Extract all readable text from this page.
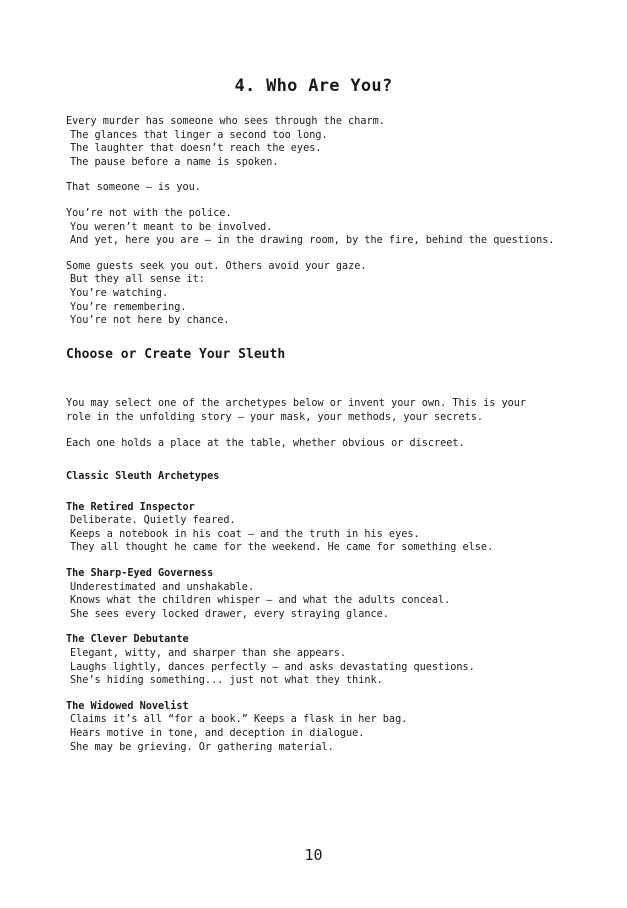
4. Who Are You?
Every murder has someone who sees through the charm.
The glances that linger a second too long.
The laughter that doesn’t reach the eyes.
The pause before a name is spoken.
That someone — is you.
You’re not with the police.
You weren’t meant to be involved.
And yet, here you are — in the drawing room, by the fire, behind the questions.
Some guests seek you out. Others avoid your gaze.
But they all sense it:
You’re watching.
You’re remembering.
You’re not here by chance.
Choose or Create Your Sleuth
You may select one of the archetypes below or invent your own. This is your
role in the unfolding story — your mask, your methods, your secrets.
Each one holds a place at the table, whether obvious or discreet.
Classic Sleuth Archetypes
The Retired Inspector
Deliberate. Quietly feared.
Keeps a notebook in his coat — and the truth in his eyes.
They all thought he came for the weekend. He came for something else.
The Sharp-Eyed Governess
Underestimated and unshakable.
Knows what the children whisper — and what the adults conceal.
She sees every locked drawer, every straying glance.
The Clever Debutante
Elegant, witty, and sharper than she appears.
Laughs lightly, dances perfectly — and asks devastating questions.
She’s hiding something... just not what they think.
The Widowed Novelist
Claims it’s all “for a book.” Keeps a flask in her bag.
Hears motive in tone, and deception in dialogue.
She may be grieving. Or gathering material.
10
